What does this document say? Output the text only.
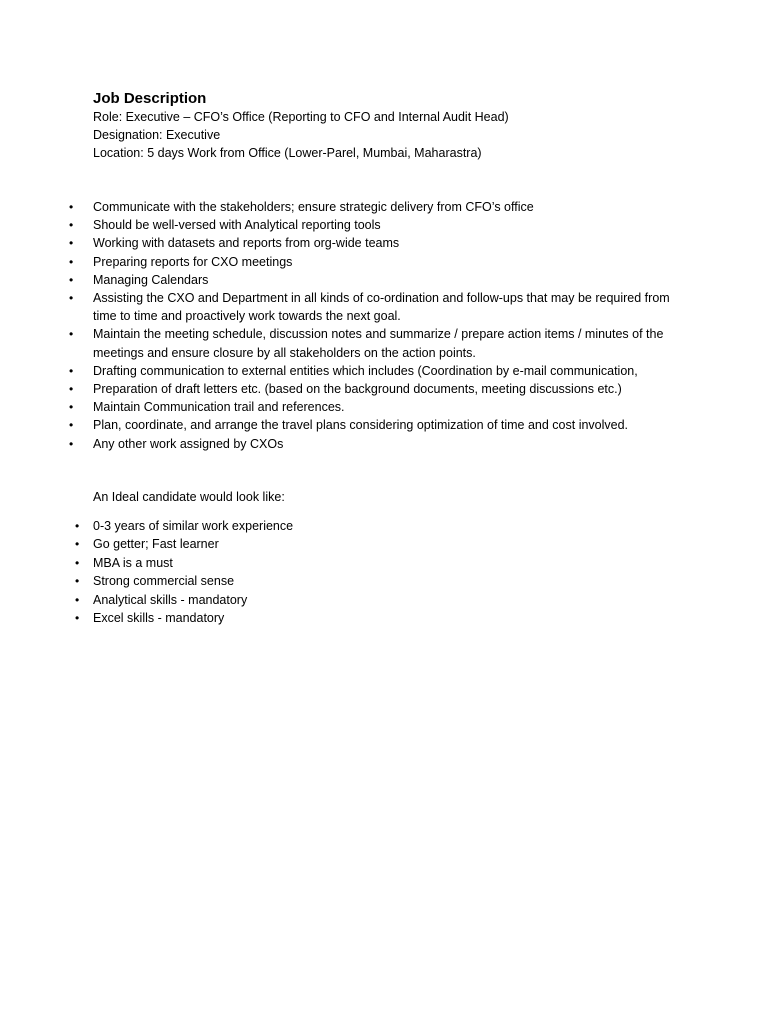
Job Description
Role: Executive – CFO’s Office (Reporting to CFO and Internal Audit Head)
Designation: Executive
Location: 5 days Work from Office (Lower-Parel, Mumbai, Maharastra)
• Communicate with the stakeholders; ensure strategic delivery from CFO’s office
• Should be well-versed with Analytical reporting tools
• Working with datasets and reports from org-wide teams
• Preparing reports for CXO meetings
• Managing Calendars
• Assisting the CXO and Department in all kinds of co-ordination and follow-ups that may be required from time to time and proactively work towards the next goal.
• Maintain the meeting schedule, discussion notes and summarize / prepare action items / minutes of the meetings and ensure closure by all stakeholders on the action points.
• Drafting communication to external entities which includes (Coordination by e-mail communication,
• Preparation of draft letters etc. (based on the background documents, meeting discussions etc.)
• Maintain Communication trail and references.
• Plan, coordinate, and arrange the travel plans considering optimization of time and cost involved.
• Any other work assigned by CXOs

An Ideal candidate would look like:

• 0-3 years of similar work experience
• Go getter; Fast learner
• MBA is a must
• Strong commercial sense
• Analytical skills - mandatory
• Excel skills - mandatory
